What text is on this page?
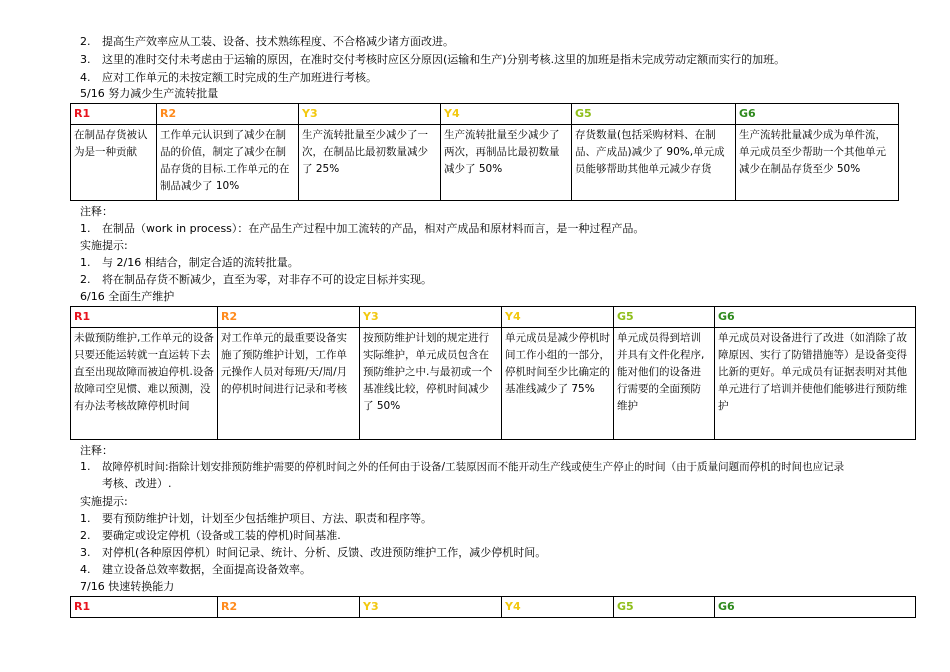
2. 提高生产效率应从工装、设备、技术熟练程度、不合格减少诸方面改进。
3. 这里的准时交付未考虑由于运输的原因，在准时交付考核时应区分原因(运输和生产)分别考核.这里的加班是指未完成劳动定额而实行的加班。
4. 应对工作单元的未按定额工时完成的生产加班进行考核。
5/16 努力减少生产流转批量
R1	R2	Y3	Y4	G5	G6
在制品存货被认为是一种贡献	工作单元认识到了减少在制品的价值，制定了减少在制品存货的目标.工作单元的在制品减少了 10%	生产流转批量至少减少了一次，在制品比最初数量减少了 25%	生产流转批量至少减少了两次，再制品比最初数量减少了 50%	存货数量(包括采购材料、在制品、产成品)减少了 90%,单元成员能够帮助其他单元减少存货	生产流转批量减少成为单件流，单元成员至少帮助一个其他单元减少在制品存货至少 50%
注释：
1. 在制品（work in process）：在产品生产过程中加工流转的产品，相对产成品和原材料而言，是一种过程产品。
实施提示:
1. 与 2/16 相结合，制定合适的流转批量。
2. 将在制品存货不断减少，直至为零，对非存不可的设定目标并实现。
6/16 全面生产维护
R1	R2	Y3	Y4	G5	G6
未做预防维护,工作单元的设备只要还能运转就一直运转下去直至出现故障而被迫停机.设备故障司空见惯、难以预测，没有办法考核故障停机时间	对工作单元的最重要设备实施了预防维护计划，工作单元操作人员对每班/天/周/月的停机时间进行记录和考核	按预防维护计划的规定进行实际维护，单元成员包含在预防维护之中.与最初或一个基准线比较，停机时间减少了 50%	单元成员是减少停机时间工作小组的一部分，停机时间至少比确定的基准线减少了 75%	单元成员得到培训并具有文件化程序,能对他们的设备进行需要的全面预防维护	单元成员对设备进行了改进（如消除了故障原因、实行了防错措施等）是设备变得比新的更好。单元成员有证据表明对其他单元进行了培训并使他们能够进行预防维护
注释：
1. 故障停机时间:指除计划安排预防维护需要的停机时间之外的任何由于设备/工装原因而不能开动生产线或使生产停止的时间（由于质量问题而停机的时间也应记录
考核、改进）.
实施提示:
1. 要有预防维护计划，计划至少包括维护项目、方法、职责和程序等。
2. 要确定或设定停机（设备或工装的停机)时间基准.
3. 对停机(各种原因停机）时间记录、统计、分析、反馈、改进预防维护工作，减少停机时间。
4. 建立设备总效率数据，全面提高设备效率。
7/16 快速转换能力
R1	R2	Y3	Y4	G5	G6
